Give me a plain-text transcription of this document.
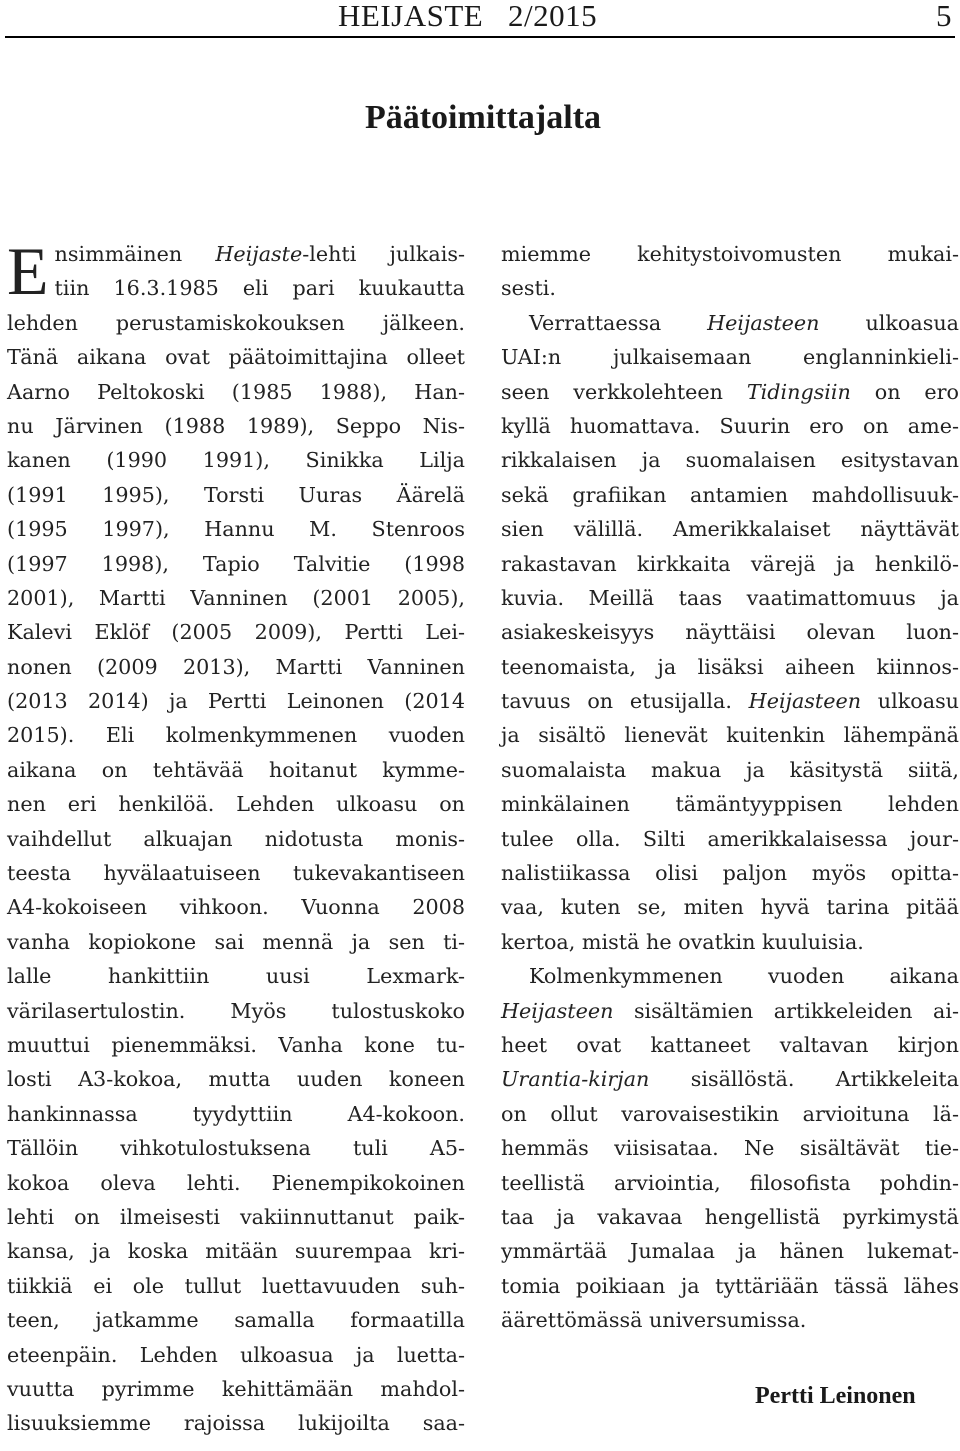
HEIJASTE   2/2015	5
Päätoimittajalta
E nsimmäinen Heijaste-lehti julkais-
tiin 16.3.1985 eli pari kuukautta
lehden perustamiskokouksen jälkeen.
Tänä aikana ovat päätoimittajina olleet
Aarno Peltokoski (1985 1988), Han-
nu Järvinen (1988 1989), Seppo Nis-
kanen (1990 1991), Sinikka Lilja
(1991 1995), Torsti Uuras Äärelä
(1995 1997), Hannu M. Stenroos
(1997 1998), Tapio Talvitie (1998
2001), Martti Vanninen (2001 2005),
Kalevi Eklöf (2005 2009), Pertti Lei-
nonen (2009 2013), Martti Vanninen
(2013 2014) ja Pertti Leinonen (2014
2015). Eli kolmenkymmenen vuoden
aikana on tehtävää hoitanut kymme-
nen eri henkilöä. Lehden ulkoasu on
vaihdellut alkuajan nidotusta monis-
teesta hyvälaatuiseen tukevakantiseen
A4-kokoiseen vihkoon. Vuonna 2008
vanha kopiokone sai mennä ja sen ti-
lalle hankittiin uusi Lexmark-
värilasertulostin. Myös tulostuskoko
muuttui pienemmäksi. Vanha kone tu-
losti A3-kokoa, mutta uuden koneen
hankinnassa tyydyttiin A4-kokoon.
Tällöin vihkotulostuksena tuli A5-
kokoa oleva lehti. Pienempikokoinen
lehti on ilmeisesti vakiinnuttanut paik-
kansa, ja koska mitään suurempaa kri-
tiikkiä ei ole tullut luettavuuden suh-
teen, jatkamme samalla formaatilla
eteenpäin. Lehden ulkoasua ja luetta-
vuutta pyrimme kehittämään mahdol-
lisuuksiemme rajoissa lukijoilta saa-
miemme kehitystoivomusten mukai-
sesti.
Verrattaessa Heijasteen ulkoasua
UAI:n julkaisemaan englanninkieli-
seen verkkolehteen Tidingsiin on ero
kyllä huomattava. Suurin ero on ame-
rikkalaisen ja suomalaisen esitystavan
sekä grafiikan antamien mahdollisuuk-
sien välillä. Amerikkalaiset näyttävät
rakastavan kirkkaita värejä ja henkilö-
kuvia. Meillä taas vaatimattomuus ja
asiakeskeisyys näyttäisi olevan luon-
teenomaista, ja lisäksi aiheen kiinnos-
tavuus on etusijalla. Heijasteen ulkoasu
ja sisältö lienevät kuitenkin lähempänä
suomalaista makua ja käsitystä siitä,
minkälainen tämäntyyppisen lehden
tulee olla. Silti amerikkalaisessa jour-
nalistiikassa olisi paljon myös opitta-
vaa, kuten se, miten hyvä tarina pitää
kertoa, mistä he ovatkin kuuluisia.
Kolmenkymmenen vuoden aikana
Heijasteen sisältämien artikkeleiden ai-
heet ovat kattaneet valtavan kirjon
Urantia-kirjan sisällöstä. Artikkeleita
on ollut varovaisestikin arvioituna lä-
hemmäs viisisataa. Ne sisältävät tie-
teellistä arviointia, filosofista pohdin-
taa ja vakavaa hengellistä pyrkimystä
ymmärtää Jumalaa ja hänen lukemat-
tomia poikiaan ja tyttäriään tässä lähes
äärettömässä universumissa.
Pertti Leinonen
